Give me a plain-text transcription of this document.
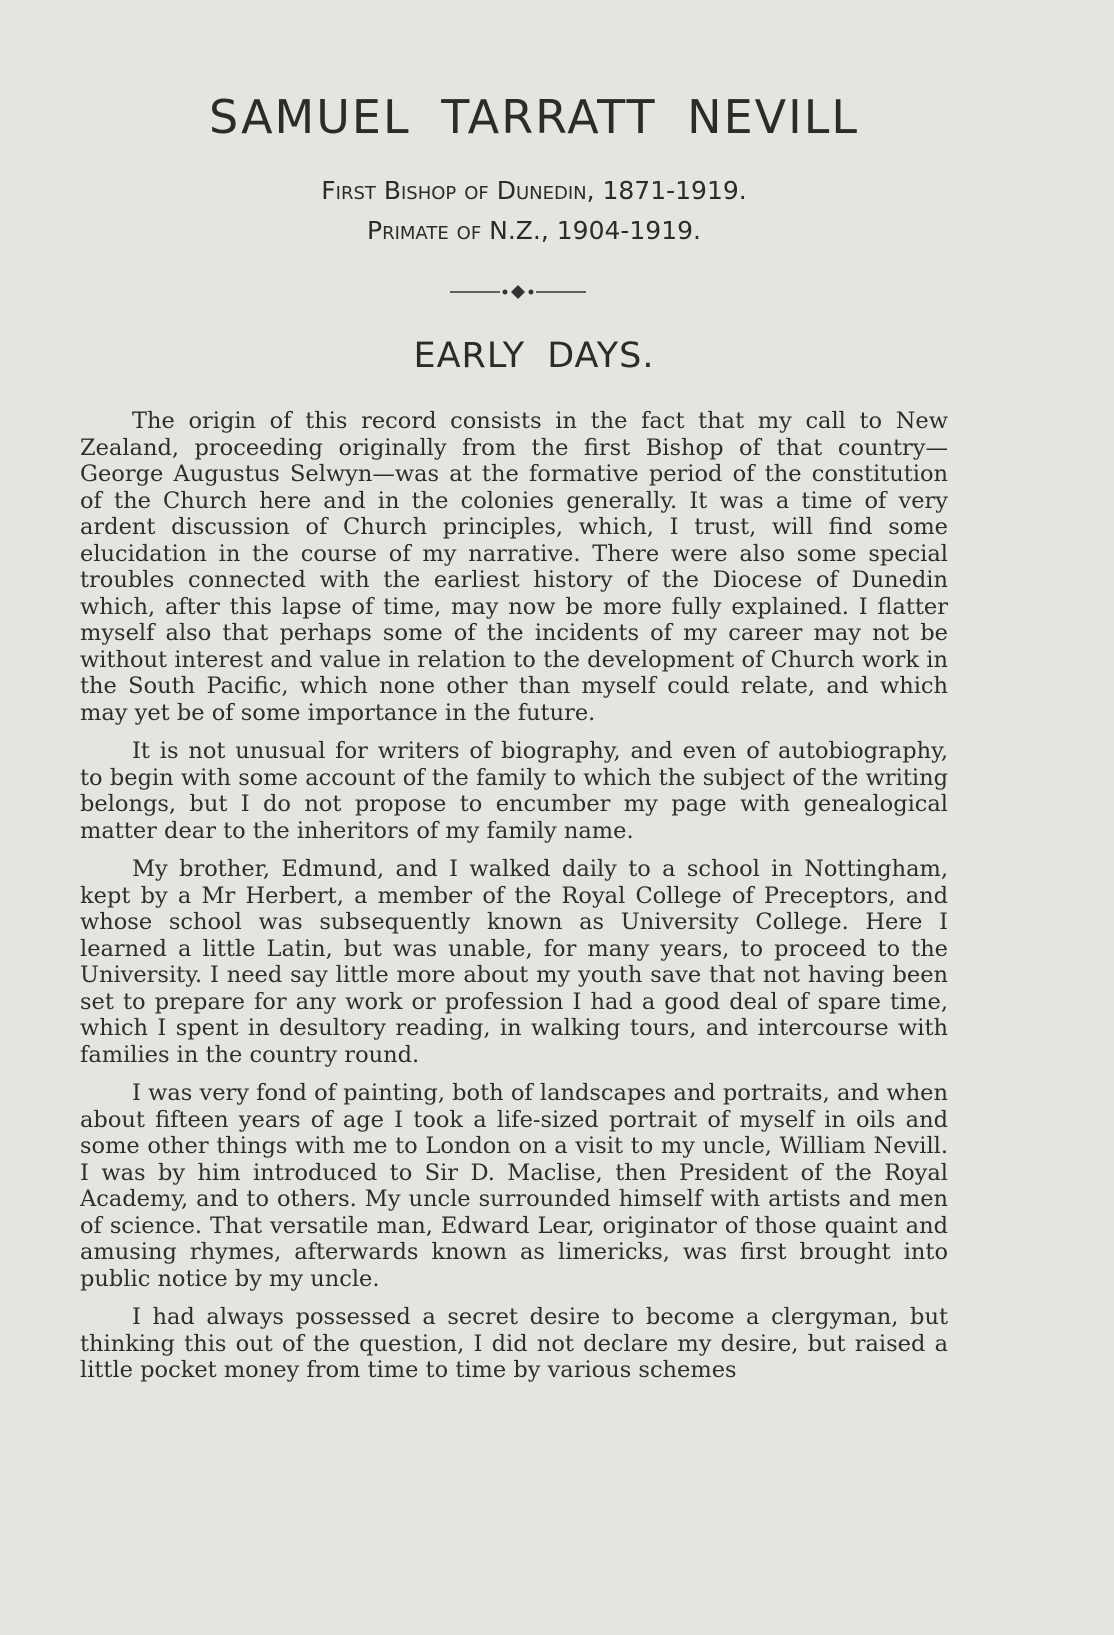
SAMUEL TARRATT NEVILL
First Bishop of Dunedin, 1871-1919.
Primate of N.Z., 1904-1919.
EARLY DAYS.

The origin of this record consists in the fact that my call to New Zealand, proceeding originally from the first Bishop of that country—George Augustus Selwyn—was at the formative period of the constitution of the Church here and in the colonies generally. It was a time of very ardent discussion of Church principles, which, I trust, will find some elucidation in the course of my narrative. There were also some special troubles connected with the earliest history of the Diocese of Dunedin which, after this lapse of time, may now be more fully explained. I flatter myself also that perhaps some of the incidents of my career may not be without interest and value in relation to the development of Church work in the South Pacific, which none other than myself could relate, and which may yet be of some importance in the future.

It is not unusual for writers of biography, and even of autobiography, to begin with some account of the family to which the subject of the writing belongs, but I do not propose to encumber my page with genealogical matter dear to the inheritors of my family name.

My brother, Edmund, and I walked daily to a school in Nottingham, kept by a Mr Herbert, a member of the Royal College of Preceptors, and whose school was subsequently known as University College. Here I learned a little Latin, but was unable, for many years, to proceed to the University. I need say little more about my youth save that not having been set to prepare for any work or profession I had a good deal of spare time, which I spent in desultory reading, in walking tours, and intercourse with families in the country round.

I was very fond of painting, both of landscapes and portraits, and when about fifteen years of age I took a life-sized portrait of myself in oils and some other things with me to London on a visit to my uncle, William Nevill. I was by him introduced to Sir D. Maclise, then President of the Royal Academy, and to others. My uncle surrounded himself with artists and men of science. That versatile man, Edward Lear, originator of those quaint and amusing rhymes, afterwards known as limericks, was first brought into public notice by my uncle.

I had always possessed a secret desire to become a clergyman, but thinking this out of the question, I did not declare my desire, but raised a little pocket money from time to time by various schemes
